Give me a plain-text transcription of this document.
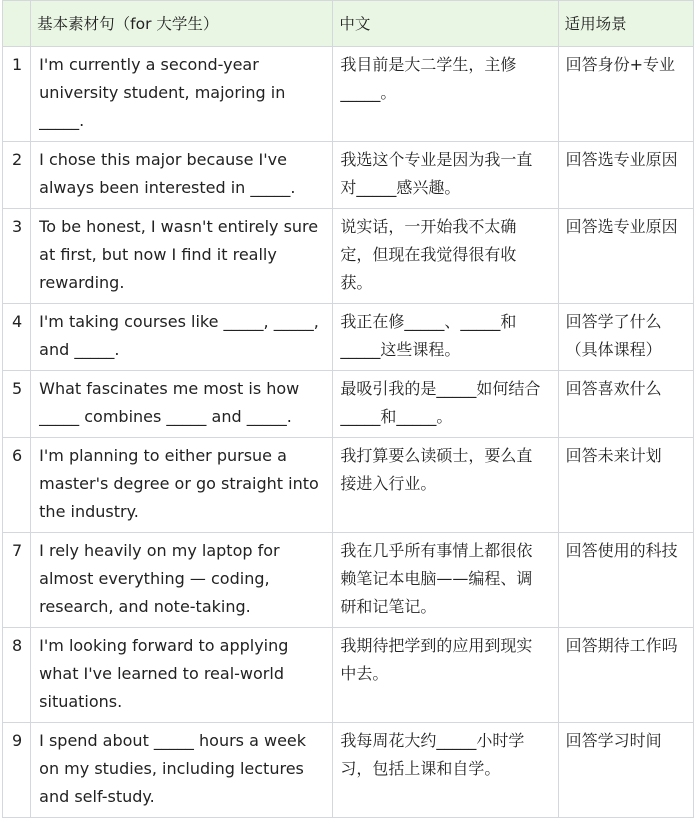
	基本素材句（for 大学生）	中文	适用场景
1	I'm currently a second-year university student, majoring in _____.	我目前是大二学生，主修_____。	回答身份+专业
2	I chose this major because I've always been interested in _____.	我选这个专业是因为我一直对_____感兴趣。	回答选专业原因
3	To be honest, I wasn't entirely sure at first, but now I find it really rewarding.	说实话，一开始我不太确定，但现在我觉得很有收获。	回答选专业原因
4	I'm taking courses like _____, _____, and _____.	我正在修_____、_____和_____这些课程。	回答学了什么（具体课程）
5	What fascinates me most is how _____ combines _____ and _____.	最吸引我的是_____如何结合_____和_____。	回答喜欢什么
6	I'm planning to either pursue a master's degree or go straight into the industry.	我打算要么读硕士，要么直接进入行业。	回答未来计划
7	I rely heavily on my laptop for almost everything — coding, research, and note-taking.	我在几乎所有事情上都很依赖笔记本电脑——编程、调研和记笔记。	回答使用的科技
8	I'm looking forward to applying what I've learned to real-world situations.	我期待把学到的应用到现实中去。	回答期待工作吗
9	I spend about _____ hours a week on my studies, including lectures and self-study.	我每周花大约_____小时学习，包括上课和自学。	回答学习时间
